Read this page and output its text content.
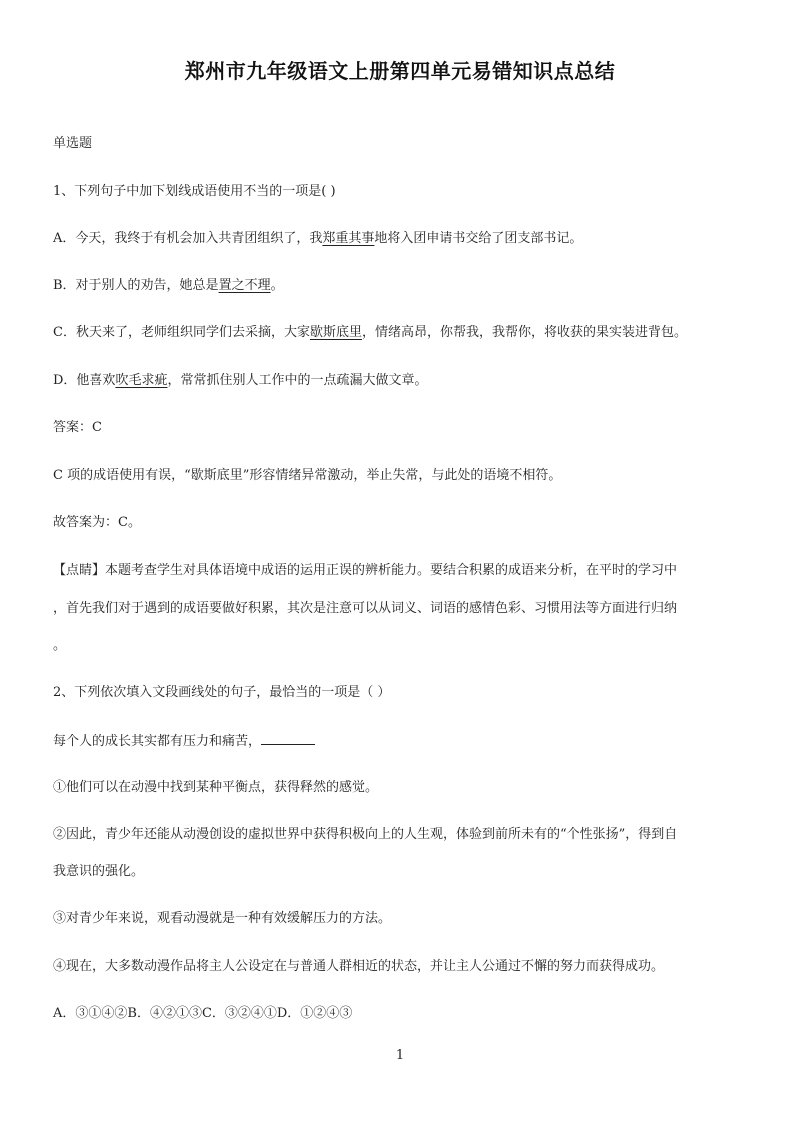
郑州市九年级语文上册第四单元易错知识点总结
单选题
1、下列句子中加下划线成语使用不当的一项是( )
A．今天，我终于有机会加入共青团组织了，我郑重其事地将入团申请书交给了团支部书记。
B．对于别人的劝告，她总是置之不理。
C．秋天来了，老师组织同学们去采摘，大家歇斯底里，情绪高昂，你帮我，我帮你，将收获的果实装进背包。
D．他喜欢吹毛求疵，常常抓住别人工作中的一点疏漏大做文章。
答案：C
C 项的成语使用有误，“歇斯底里”形容情绪异常激动，举止失常，与此处的语境不相符。
故答案为：C。
【点睛】本题考查学生对具体语境中成语的运用正误的辨析能力。要结合积累的成语来分析，在平时的学习中
，首先我们对于遇到的成语要做好积累，其次是注意可以从词义、词语的感情色彩、习惯用法等方面进行归纳
。
2、下列依次填入文段画线处的句子，最恰当的一项是（ ）
每个人的成长其实都有压力和痛苦，
①他们可以在动漫中找到某种平衡点，获得释然的感觉。
②因此，青少年还能从动漫创设的虚拟世界中获得积极向上的人生观，体验到前所未有的“个性张扬”，得到自
我意识的强化。
③对青少年来说，观看动漫就是一种有效缓解压力的方法。
④现在，大多数动漫作品将主人公设定在与普通人群相近的状态，并让主人公通过不懈的努力而获得成功。
A．③①④②B．④②①③C．③②④①D．①②④③
1
